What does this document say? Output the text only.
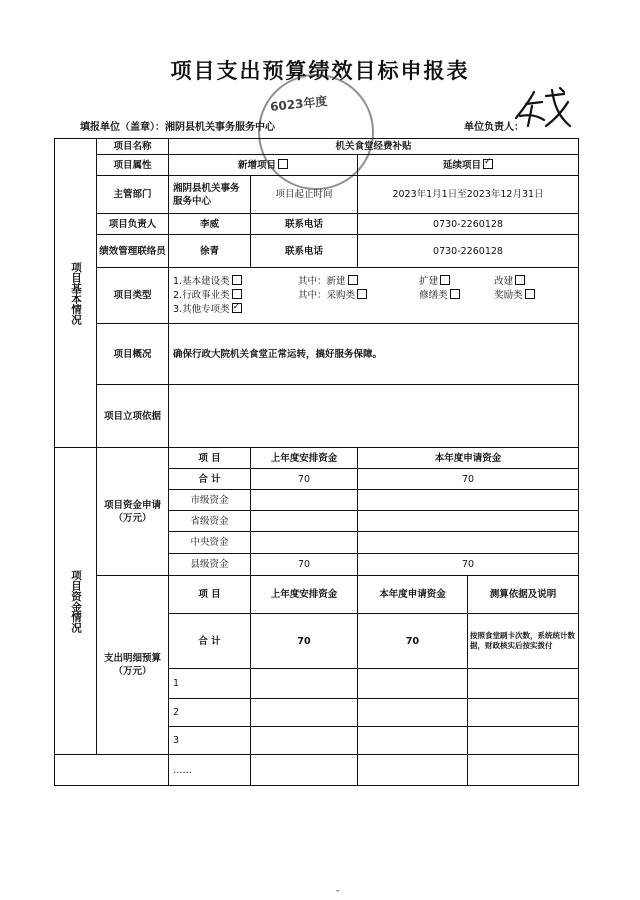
项目支出预算绩效目标申报表
6023年度
填报单位（盖章）：湘阴县机关事务服务中心	单位负责人：
项目基本情况	项目名称	机关食堂经费补贴			
	项目属性	新增项目		延续项目✓
	主管部门	湘阴县机关事务服务中心	项目起止时间	2023年1月1日至2023年12月31日	
	项目负责人	李威	联系电话	0730-2260128	
	绩效管理联络员	徐青	联系电话	0730-2260128	
	项目类型	1.基本建设类 其中：新建 扩建 改建
2.行政事业类 其中：采购类 修缮类 奖励类
3.其他专项类✓

	项目概况	确保行政大院机关食堂正常运转，搞好服务保障。			
	项目立项依据				

项目资金情况	项目资金申请（万元）	项 目	上年度安排资金	本年度申请资金	
		合 计	70	70	
		市级资金			
		省级资金			
		中央资金			
		县级资金	70	70	
	支出明细预算（万元）	项 目	上年度安排资金	本年度申请资金	测算依据及说明
		合 计	70	70	按照食堂刷卡次数，系统统计数据，财政核实后按实拨付
		1			
		2			
		3			
		……			
-
